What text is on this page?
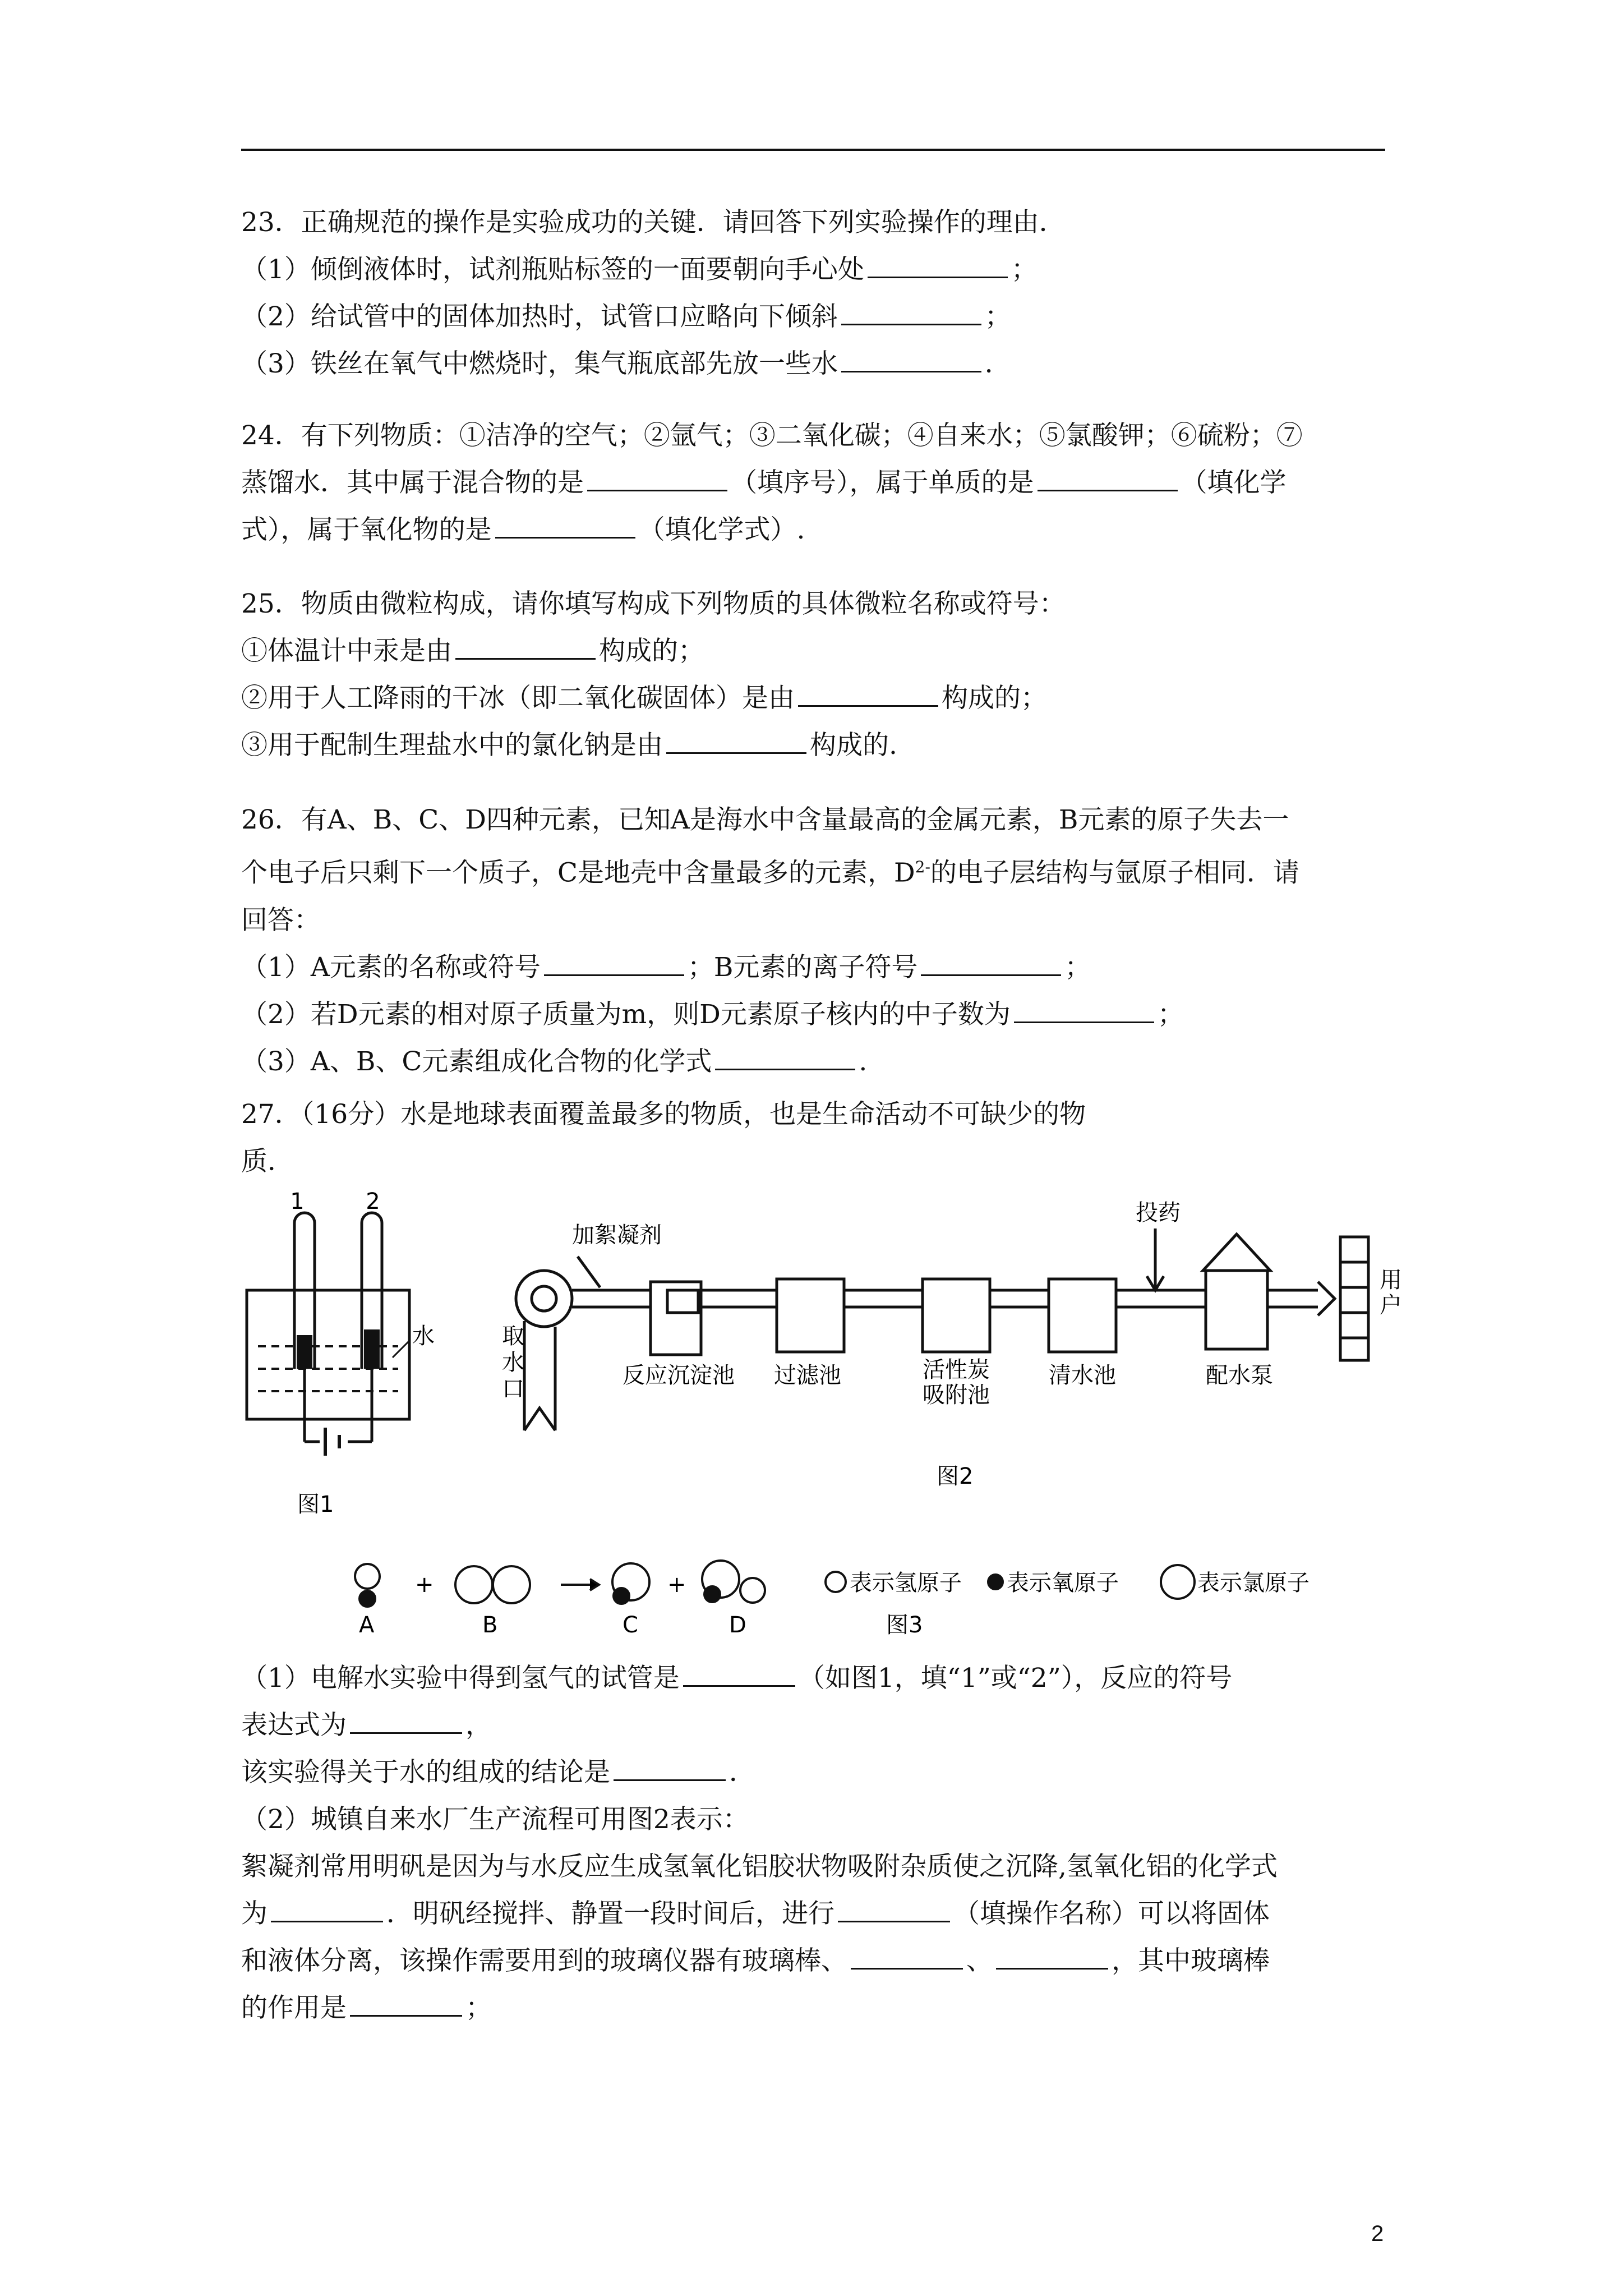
23．正确规范的操作是实验成功的关键．请回答下列实验操作的理由．

（1）倾倒液体时，试剂瓶贴标签的一面要朝向手心处	；

（2）给试管中的固体加热时，试管口应略向下倾斜	；

（3）铁丝在氧气中燃烧时，集气瓶底部先放一些水	．

24．有下列物质：①洁净的空气；②氩气；③二氧化碳；④自来水；⑤氯酸钾；⑥硫粉；⑦

蒸馏水．其中属于混合物的是	（填序号），属于单质的是	（填化学

式），属于氧化物的是	（填化学式）.

25．物质由微粒构成，请你填写构成下列物质的具体微粒名称或符号：

①体温计中汞是由	构成的；

②用于人工降雨的干冰（即二氧化碳固体）是由	构成的；

③用于配制生理盐水中的氯化钠是由	构成的.

26．有A、B、C、D四种元素，已知A是海水中含量最高的金属元素，B元素的原子失去一

个电子后只剩下一个质子，C是地壳中含量最多的元素，$D^{2-}$的电子层结构与氩原子相同．请

回答：

（1）A元素的名称或符号	；B元素的离子符号	；

（2）若D元素的相对原子质量为m，则D元素原子核内的中子数为	；

（3）A、B、C元素组成化合物的化学式	.

27．（16分）水是地球表面覆盖最多的物质，也是生命活动不可缺少的物

质．

1	2
水
图1
加絮凝剂
投药
取
水
口
反应沉淀池 过滤池	活性炭
吸附池
清水池	配水泵
用
户
图2
+	+
A	B	C	D
表示氢原子 表示氧原子	表示氯原子
图3

（1）电解水实验中得到氢气的试管是	（如图1，填“1”或“2”），反应的符号

表达式为	，

该实验得关于水的组成的结论是	．

（2）城镇自来水厂生产流程可用图2表示：

絮凝剂常用明矾是因为与水反应生成氢氧化铝胶状物吸附杂质使之沉降,氢氧化铝的化学式

为	．明矾经搅拌、静置一段时间后，进行	（填操作名称）可以将固体

和液体分离，该操作需要用到的玻璃仪器有玻璃棒、	、	，其中玻璃棒

的作用是	；

2
